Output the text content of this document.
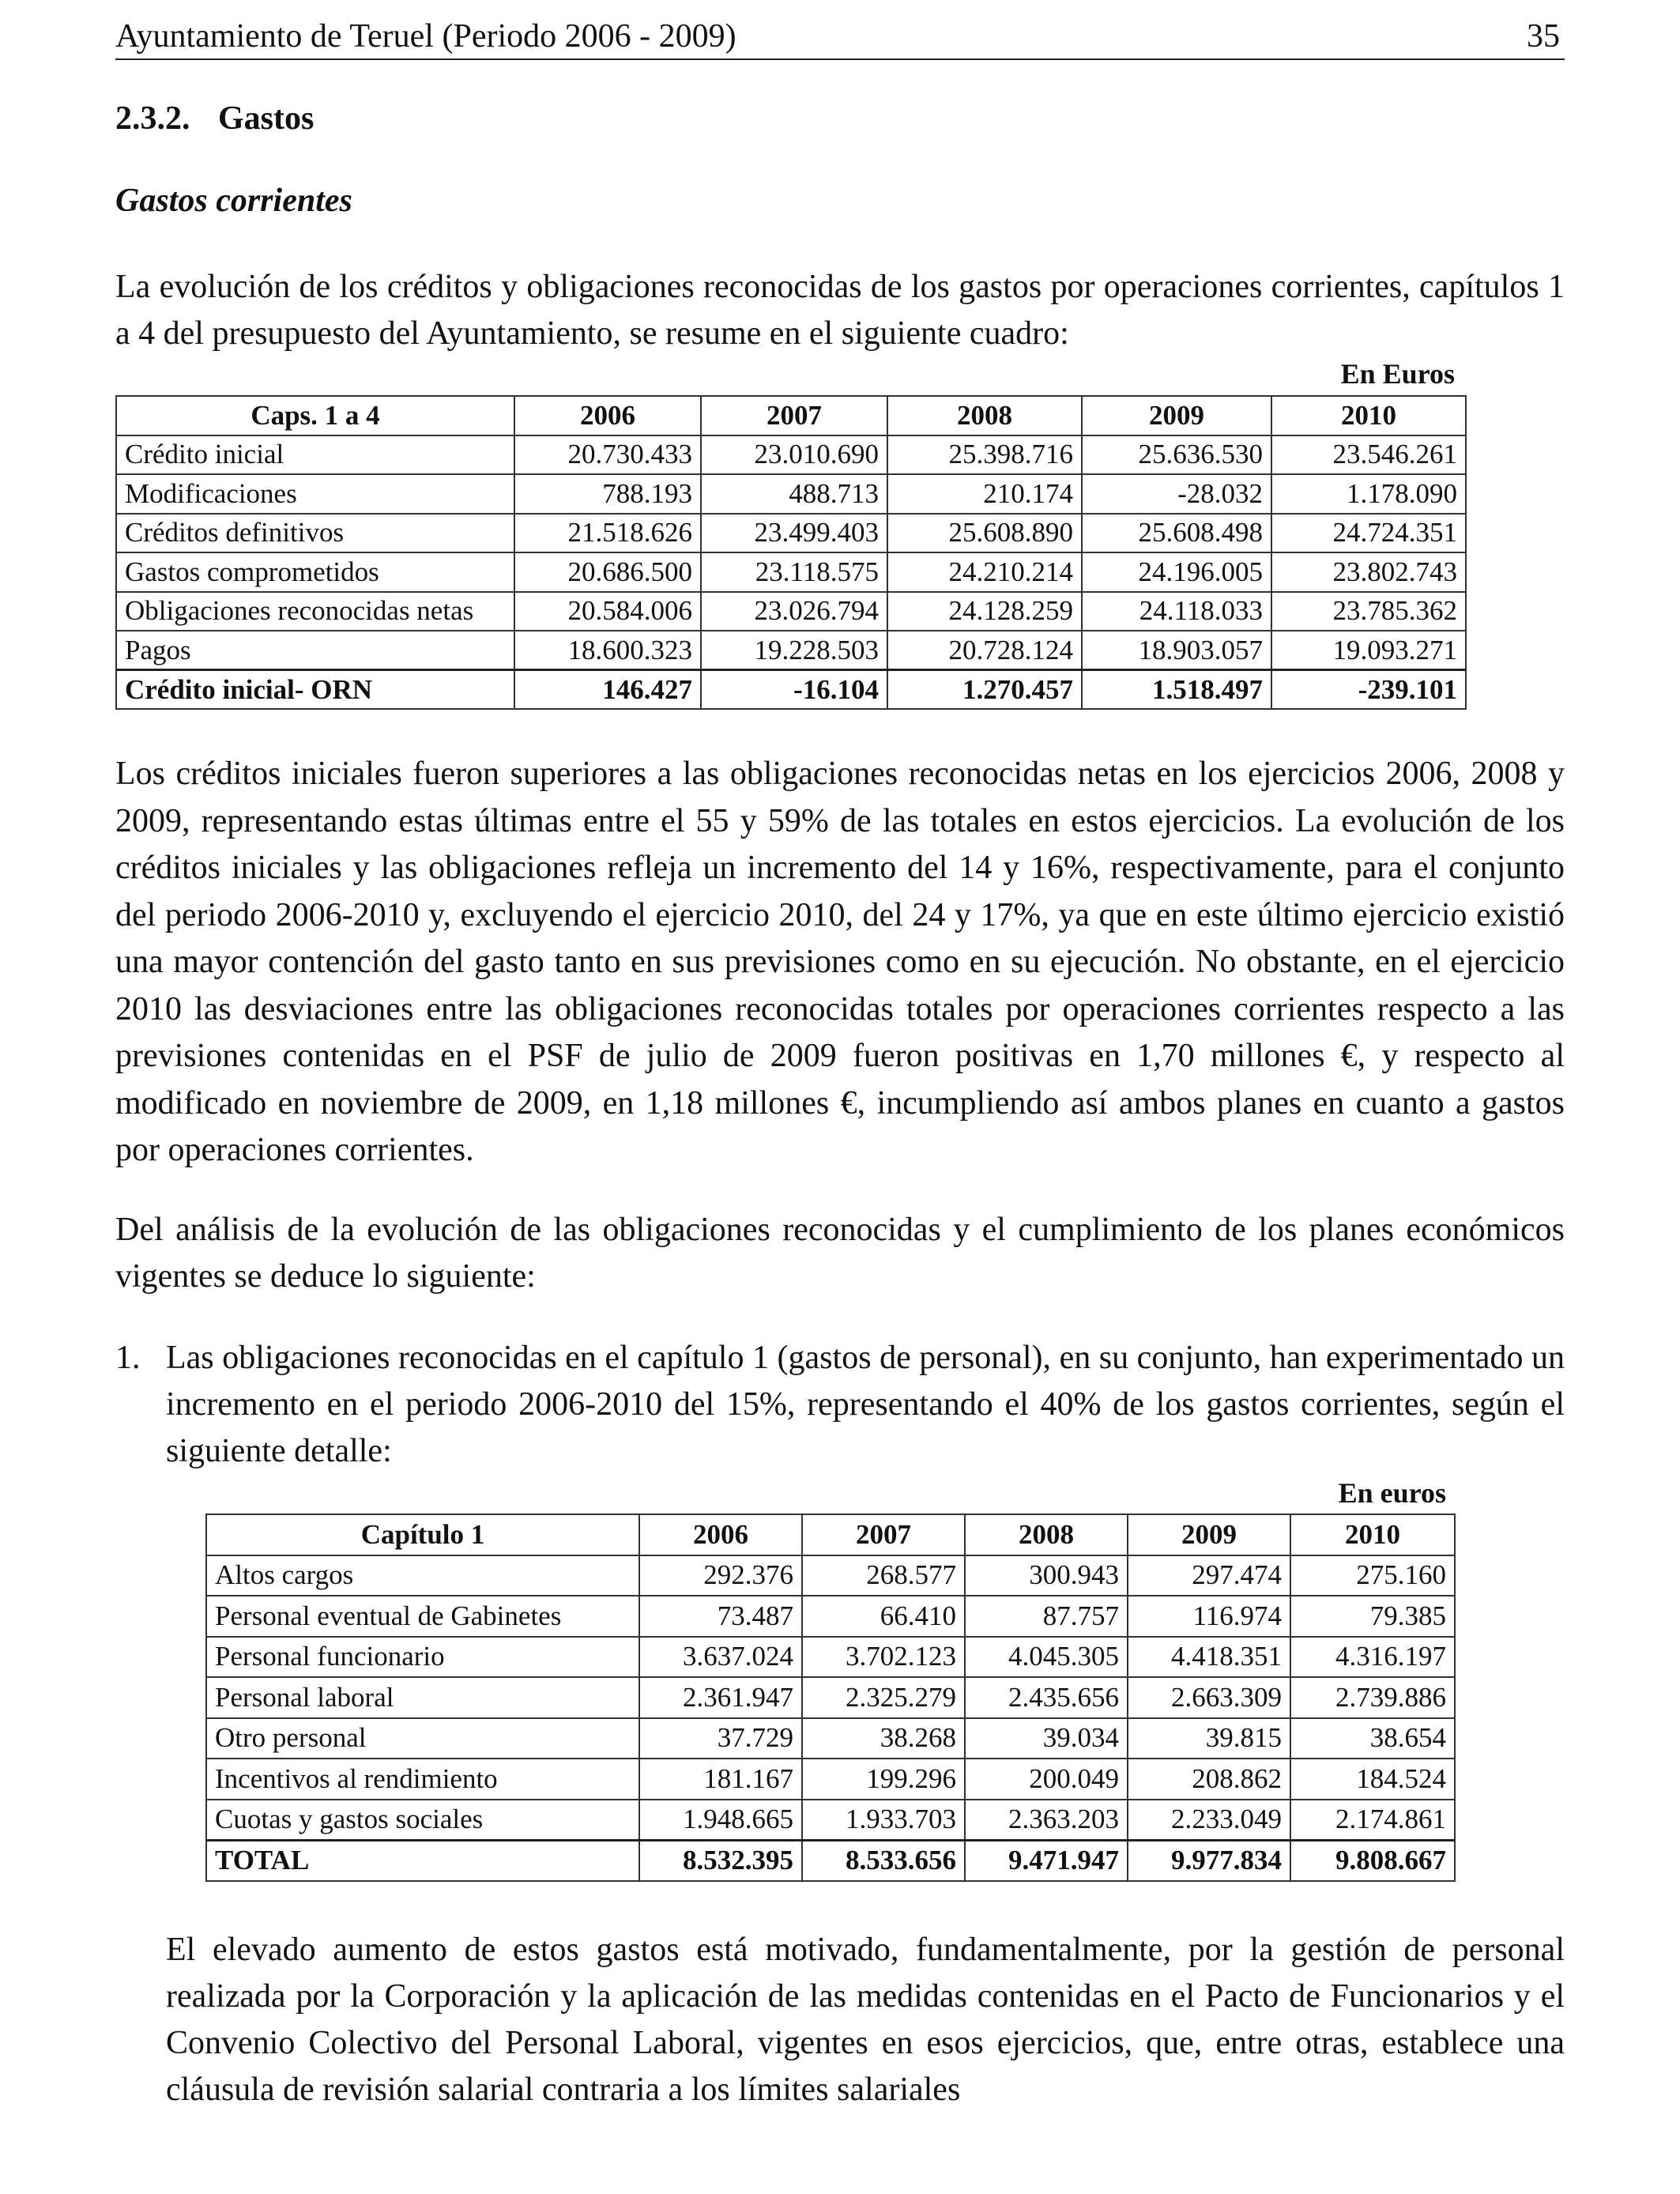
Ayuntamiento de Teruel (Periodo 2006 - 2009)	35
2.3.2. Gastos
Gastos corrientes
La evolución de los créditos y obligaciones reconocidas de los gastos por operaciones corrientes, capítulos 1 a 4 del presupuesto del Ayuntamiento, se resume en el siguiente cuadro:
En Euros
Caps. 1 a 4	2006	2007	2008	2009	2010
Crédito inicial	20.730.433	23.010.690	25.398.716	25.636.530	23.546.261
Modificaciones	788.193	488.713	210.174	-28.032	1.178.090
Créditos definitivos	21.518.626	23.499.403	25.608.890	25.608.498	24.724.351
Gastos comprometidos	20.686.500	23.118.575	24.210.214	24.196.005	23.802.743
Obligaciones reconocidas netas	20.584.006	23.026.794	24.128.259	24.118.033	23.785.362
Pagos	18.600.323	19.228.503	20.728.124	18.903.057	19.093.271
Crédito inicial- ORN	146.427	-16.104	1.270.457	1.518.497	-239.101
Los créditos iniciales fueron superiores a las obligaciones reconocidas netas en los ejercicios 2006, 2008 y 2009, representando estas últimas entre el 55 y 59% de las totales en estos ejercicios. La evolución de los créditos iniciales y las obligaciones refleja un incremento del 14 y 16%, respectivamente, para el conjunto del periodo 2006-2010 y, excluyendo el ejercicio 2010, del 24 y 17%, ya que en este último ejercicio existió una mayor contención del gasto tanto en sus previsiones como en su ejecución. No obstante, en el ejercicio 2010 las desviaciones entre las obligaciones reconocidas totales por operaciones corrientes respecto a las previsiones contenidas en el PSF de julio de 2009 fueron positivas en 1,70 millones €, y respecto al modificado en noviembre de 2009, en 1,18 millones €, incumpliendo así ambos planes en cuanto a gastos por operaciones corrientes.
Del análisis de la evolución de las obligaciones reconocidas y el cumplimiento de los planes económicos vigentes se deduce lo siguiente:
1. Las obligaciones reconocidas en el capítulo 1 (gastos de personal), en su conjunto, han experimentado un incremento en el periodo 2006-2010 del 15%, representando el 40% de los gastos corrientes, según el siguiente detalle:
En euros
Capítulo 1	2006	2007	2008	2009	2010
Altos cargos	292.376	268.577	300.943	297.474	275.160
Personal eventual de Gabinetes	73.487	66.410	87.757	116.974	79.385
Personal funcionario	3.637.024	3.702.123	4.045.305	4.418.351	4.316.197
Personal laboral	2.361.947	2.325.279	2.435.656	2.663.309	2.739.886
Otro personal	37.729	38.268	39.034	39.815	38.654
Incentivos al rendimiento	181.167	199.296	200.049	208.862	184.524
Cuotas y gastos sociales	1.948.665	1.933.703	2.363.203	2.233.049	2.174.861
TOTAL	8.532.395	8.533.656	9.471.947	9.977.834	9.808.667
El elevado aumento de estos gastos está motivado, fundamentalmente, por la gestión de personal realizada por la Corporación y la aplicación de las medidas contenidas en el Pacto de Funcionarios y el Convenio Colectivo del Personal Laboral, vigentes en esos ejercicios, que, entre otras, establece una cláusula de revisión salarial contraria a los límites salariales
